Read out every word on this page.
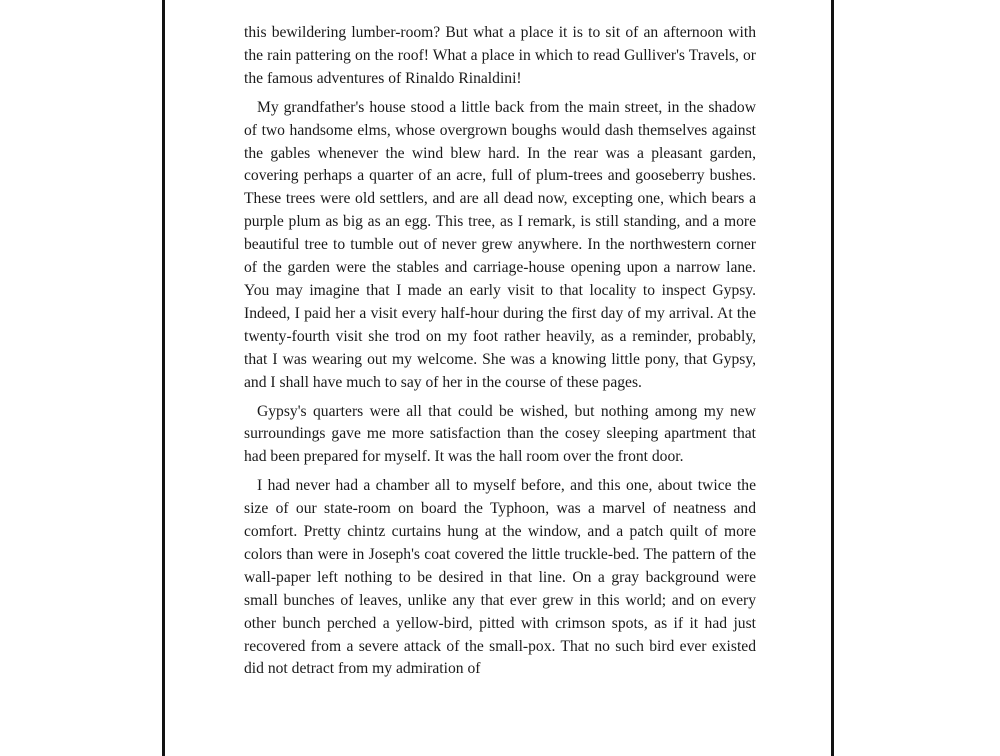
this bewildering lumber-room? But what a place it is to sit of an afternoon with the rain pattering on the roof! What a place in which to read Gulliver's Travels, or the famous adventures of Rinaldo Rinaldini!

My grandfather's house stood a little back from the main street, in the shadow of two handsome elms, whose overgrown boughs would dash themselves against the gables whenever the wind blew hard. In the rear was a pleasant garden, covering perhaps a quarter of an acre, full of plum-trees and gooseberry bushes. These trees were old settlers, and are all dead now, excepting one, which bears a purple plum as big as an egg. This tree, as I remark, is still standing, and a more beautiful tree to tumble out of never grew anywhere. In the northwestern corner of the garden were the stables and carriage-house opening upon a narrow lane. You may imagine that I made an early visit to that locality to inspect Gypsy. Indeed, I paid her a visit every half-hour during the first day of my arrival. At the twenty-fourth visit she trod on my foot rather heavily, as a reminder, probably, that I was wearing out my welcome. She was a knowing little pony, that Gypsy, and I shall have much to say of her in the course of these pages.

Gypsy's quarters were all that could be wished, but nothing among my new surroundings gave me more satisfaction than the cosey sleeping apartment that had been prepared for myself. It was the hall room over the front door.

I had never had a chamber all to myself before, and this one, about twice the size of our state-room on board the Typhoon, was a marvel of neatness and comfort. Pretty chintz curtains hung at the window, and a patch quilt of more colors than were in Joseph's coat covered the little truckle-bed. The pattern of the wall-paper left nothing to be desired in that line. On a gray background were small bunches of leaves, unlike any that ever grew in this world; and on every other bunch perched a yellow-bird, pitted with crimson spots, as if it had just recovered from a severe attack of the small-pox. That no such bird ever existed did not detract from my admiration of
